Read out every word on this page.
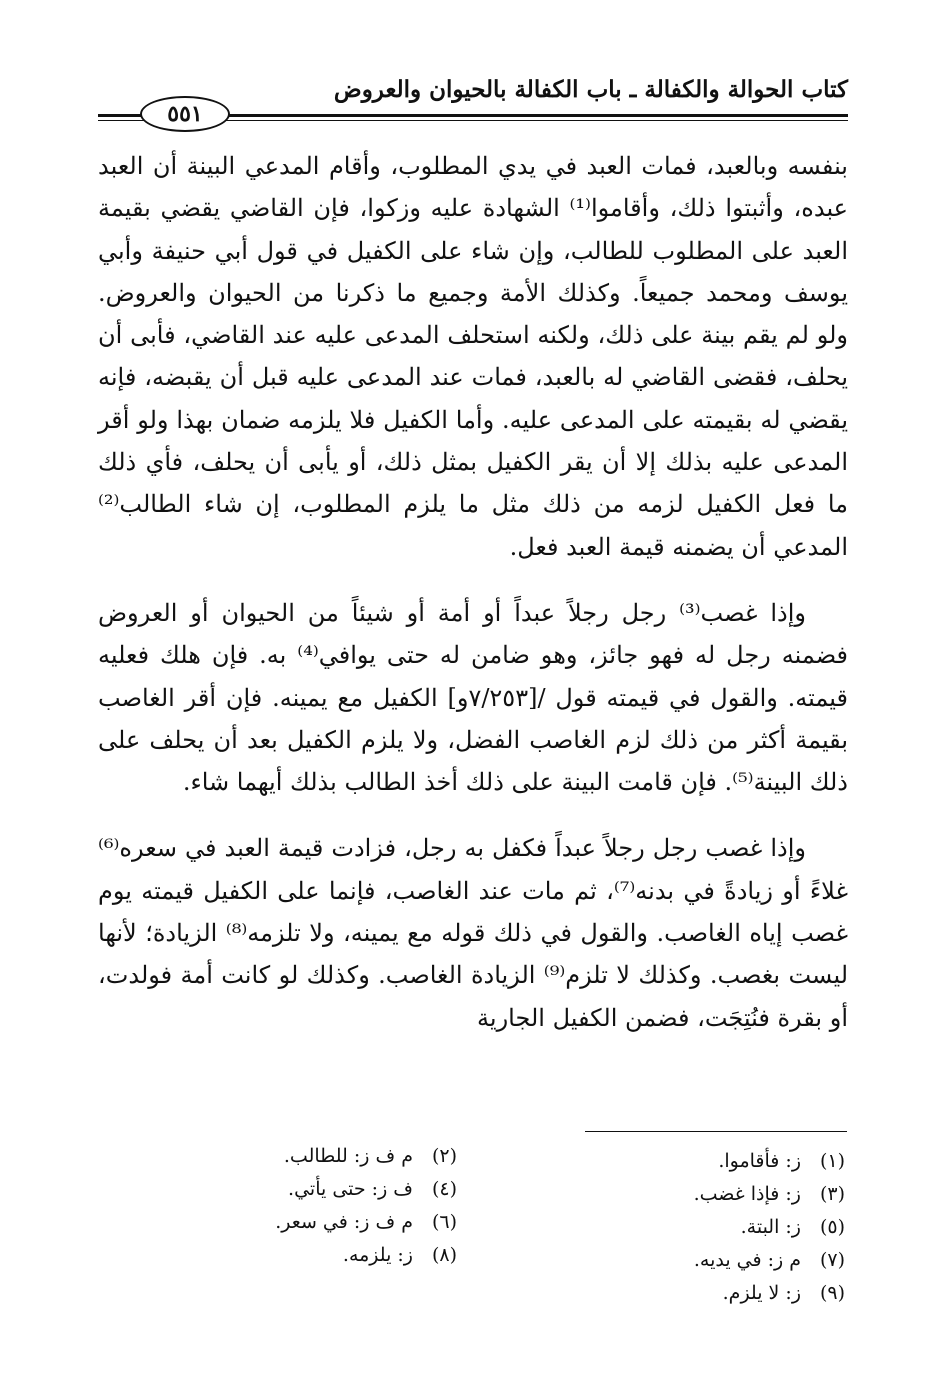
كتاب الحوالة والكفالة ـ باب الكفالة بالحيوان والعروض
٥٥١

بنفسه وبالعبد، فمات العبد في يدي المطلوب، وأقام المدعي البينة أن العبد عبده، وأثبتوا ذلك، وأقاموا⁽¹⁾ الشهادة عليه وزكوا، فإن القاضي يقضي بقيمة العبد على المطلوب للطالب، وإن شاء على الكفيل في قول أبي حنيفة وأبي يوسف ومحمد جميعاً. وكذلك الأمة وجميع ما ذكرنا من الحيوان والعروض. ولو لم يقم بينة على ذلك، ولكنه استحلف المدعى عليه عند القاضي، فأبى أن يحلف، فقضى القاضي له بالعبد، فمات عند المدعى عليه قبل أن يقبضه، فإنه يقضي له بقيمته على المدعى عليه. وأما الكفيل فلا يلزمه ضمان بهذا ولو أقر المدعى عليه بذلك إلا أن يقر الكفيل بمثل ذلك، أو يأبى أن يحلف، فأي ذلك ما فعل الكفيل لزمه من ذلك مثل ما يلزم المطلوب، إن شاء الطالب⁽²⁾ المدعي أن يضمنه قيمة العبد فعل.

وإذا غصب⁽³⁾ رجل رجلاً عبداً أو أمة أو شيئاً من الحيوان أو العروض فضمنه رجل له فهو جائز، وهو ضامن له حتى يوافي⁽⁴⁾ به. فإن هلك فعليه قيمته. والقول في قيمته قول /[٧/٢٥٣و] الكفيل مع يمينه. فإن أقر الغاصب بقيمة أكثر من ذلك لزم الغاصب الفضل، ولا يلزم الكفيل بعد أن يحلف على ذلك البينة⁽⁵⁾. فإن قامت البينة على ذلك أخذ الطالب بذلك أيهما شاء.

وإذا غصب رجل رجلاً عبداً فكفل به رجل، فزادت قيمة العبد في سعره⁽⁶⁾ غلاءً أو زيادةً في بدنه⁽⁷⁾، ثم مات عند الغاصب، فإنما على الكفيل قيمته يوم غصب إياه الغاصب. والقول في ذلك قوله مع يمينه، ولا تلزمه⁽⁸⁾ الزيادة؛ لأنها ليست بغصب. وكذلك لا تلزم⁽⁹⁾ الزيادة الغاصب. وكذلك لو كانت أمة فولدت، أو بقرة فنُتِجَت، فضمن الكفيل الجارية

(١)ز: فأقاموا.
(٣)ز: فإذا غضب.
(٥)ز: البتة.
(٧)م ز: في يديه.
(٩)ز: لا يلزم.
(٢)م ف ز: للطالب.
(٤)ف ز: حتى يأتي.
(٦)م ف ز: في سعر.
(٨)ز: يلزمه.
